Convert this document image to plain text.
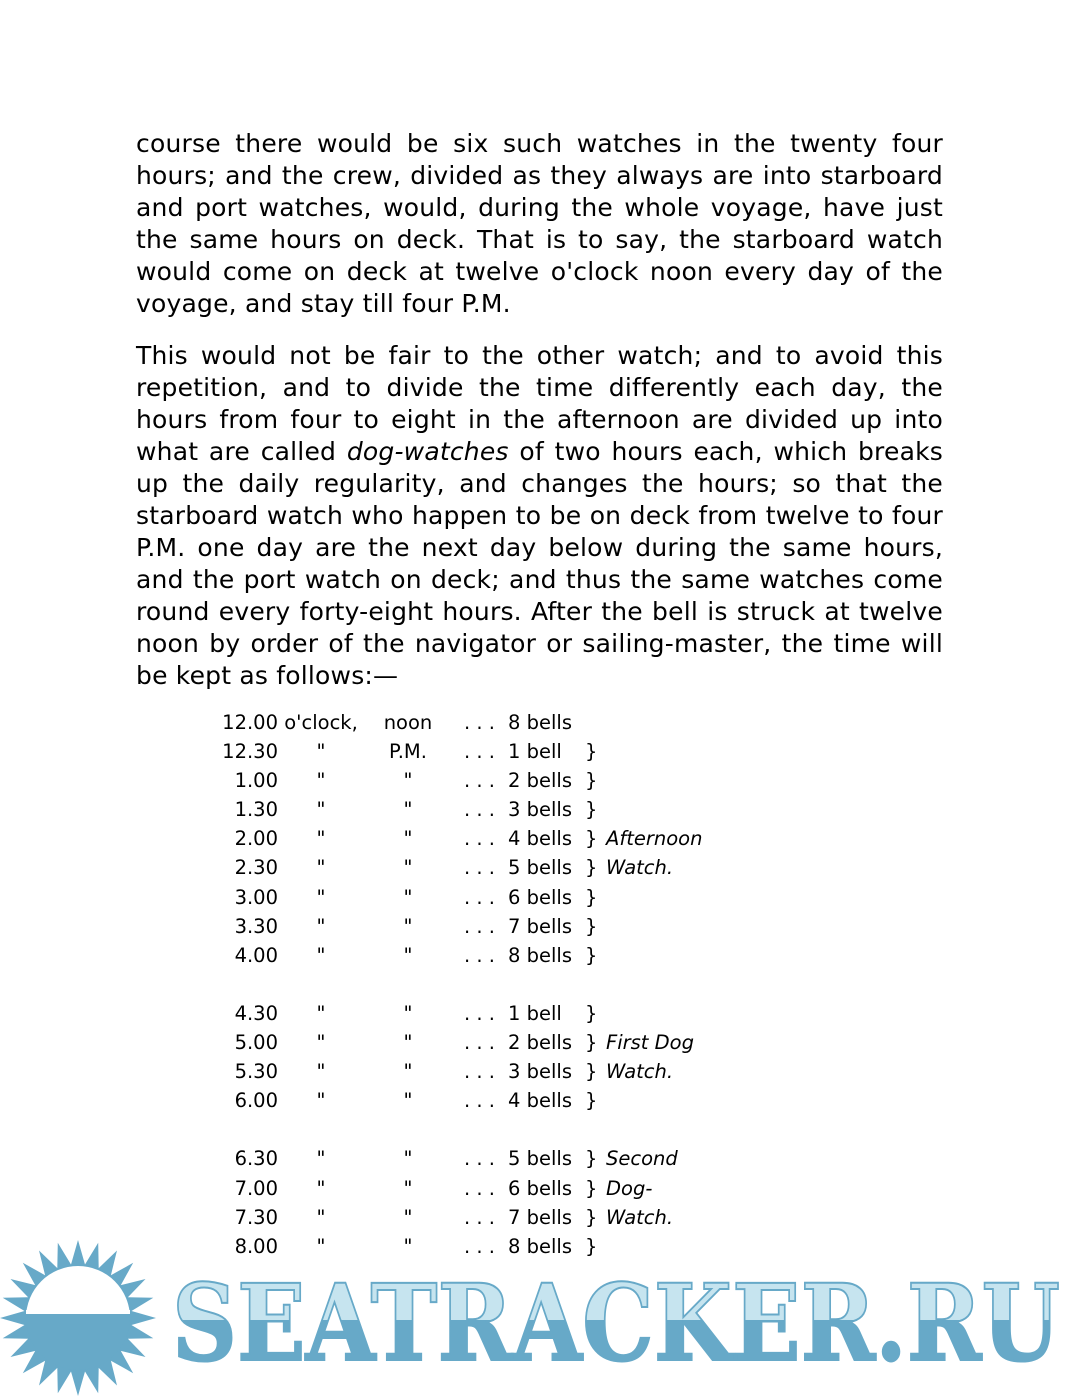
course there would be six such watches in the twenty four hours; and the crew, divided as they always are into starboard and port watches, would, during the whole voyage, have just the same hours on deck. That is to say, the starboard watch would come on deck at twelve o'clock noon every day of the voyage, and stay till four P.M.

This would not be fair to the other watch; and to avoid this repetition, and to divide the time differently each day, the hours from four to eight in the afternoon are divided up into what are called dog-watches of two hours each, which breaks up the daily regularity, and changes the hours; so that the starboard watch who happen to be on deck from twelve to four P.M. one day are the next day below during the same hours, and the port watch on deck; and thus the same watches come round every forty-eight hours. After the bell is struck at twelve noon by order of the navigator or sailing-master, the time will be kept as follows:—

12.00 o'clock, noon . . . 8 bells
12.30	"	P.M.	. . . 1 bell }
1.00	"	"	. . . 2 bells }
1.30	"	"	. . . 3 bells }
2.00	"	"	. . . 4 bells } Afternoon
2.30	"	"	. . . 5 bells } Watch.
3.00	"	"	. . . 6 bells }
3.30	"	"	. . . 7 bells }
4.00	"	"	. . . 8 bells }
4.30	"	"	. . . 1 bell }
5.00	"	"	. . . 2 bells } First Dog
5.30	"	"	. . . 3 bells } Watch.
6.00	"	"	. . . 4 bells }
6.30	"	"	. . . 5 bells } Second
7.00	"	"	. . . 6 bells } Dog-
7.30	"	"	. . . 7 bells } Watch.
8.00	"	"	. . . 8 bells }
SEATRACKER.RU
